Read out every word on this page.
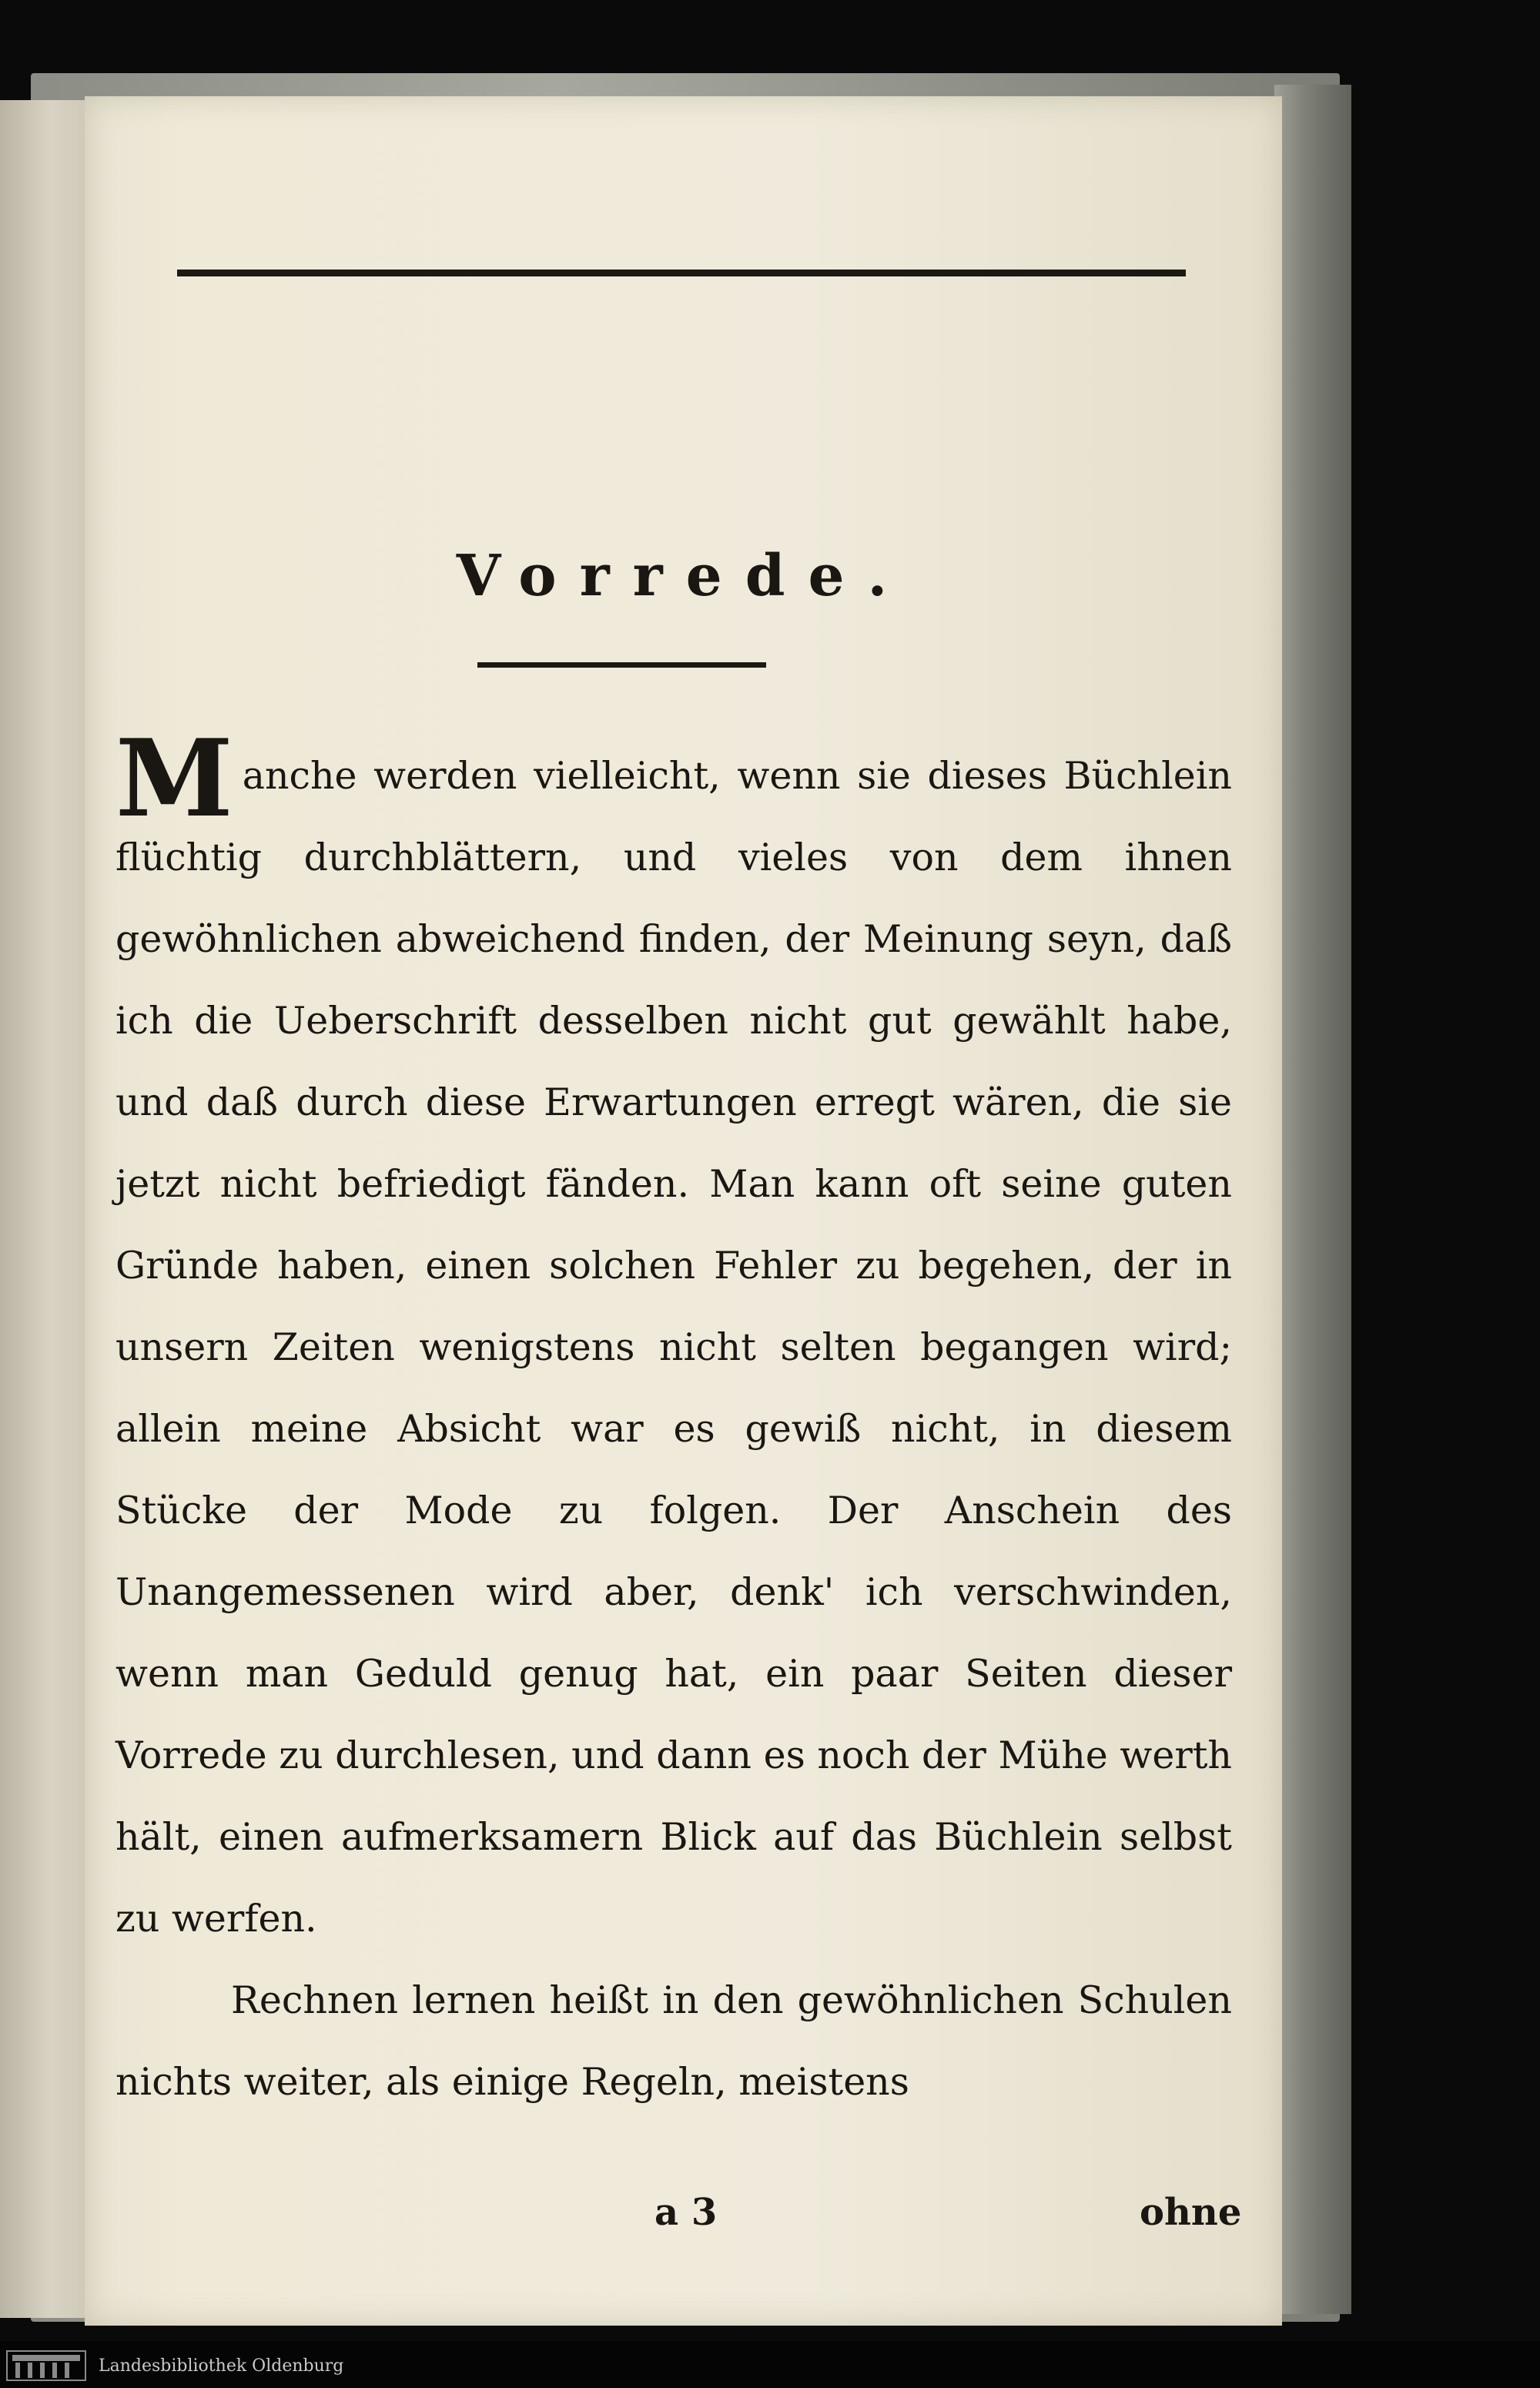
Vorrede.

Manche werden vielleicht, wenn sie dieses Büchlein flüchtig durchblättern, und vieles von dem ihnen gewöhnlichen abweichend finden, der Meinung seyn, daß ich die Ueberschrift desselben nicht gut gewählt habe, und daß durch diese Erwartungen erregt wären, die sie jetzt nicht befriedigt fänden. Man kann oft seine guten Gründe haben, einen solchen Fehler zu begehen, der in unsern Zeiten wenigstens nicht selten begangen wird; allein meine Absicht war es gewiß nicht, in diesem Stücke der Mode zu folgen. Der Anschein des Unangemessenen wird aber, denk' ich verschwinden, wenn man Geduld genug hat, ein paar Seiten dieser Vorrede zu durchlesen, und dann es noch der Mühe werth hält, einen aufmerksamern Blick auf das Büchlein selbst zu werfen.

Rechnen lernen heißt in den gewöhnlichen Schulen nichts weiter, als einige Regeln, meistens

a 3	ohne
Landesbibliothek Oldenburg
